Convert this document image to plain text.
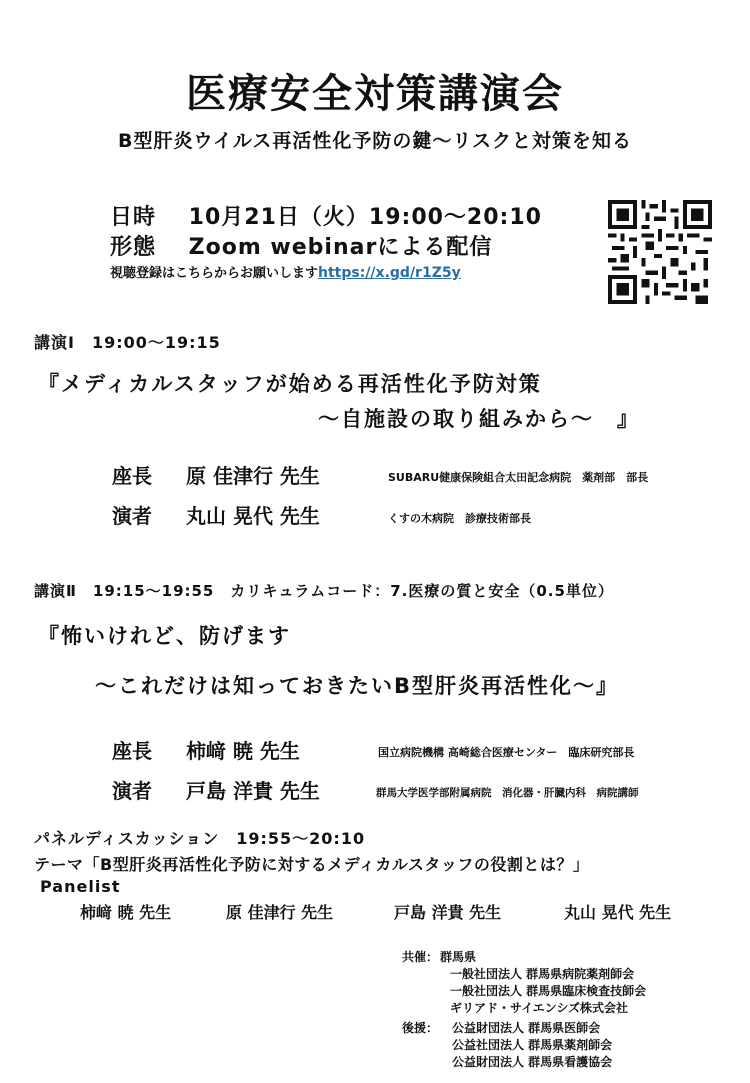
医療安全対策講演会
B型肝炎ウイルス再活性化予防の鍵～リスクと対策を知る
日時 10月21日（火）19:00～20:10
形態 Zoom webinarによる配信
視聴登録はこちらからお願いしますhttps://x.gd/r1Z5y
講演Ⅰ　19:00～19:15
『メディカルスタッフが始める再活性化予防対策
～自施設の取り組みから～　』
座長 原 佳津行 先生	SUBARU健康保険組合太田記念病院　薬剤部　部長
演者 丸山 晃代 先生	くすの木病院　診療技術部長
講演Ⅱ　19:15～19:55　カリキュラムコード：7.医療の質と安全（0.5単位）
『怖いけれど、防げます
～これだけは知っておきたいB型肝炎再活性化～』
座長 柿﨑 暁 先生	国立病院機構 高崎総合医療センター　臨床研究部長
演者 戸島 洋貴 先生	群馬大学医学部附属病院　消化器・肝臓内科　病院講師
パネルディスカッション　19:55～20:10
テーマ「B型肝炎再活性化予防に対するメディカルスタッフの役割とは？」
Panelist
柿﨑 暁 先生	原 佳津行 先生	戸島 洋貴 先生	丸山 晃代 先生
共催： 群馬県
一般社団法人 群馬県病院薬剤師会
一般社団法人 群馬県臨床検査技師会
ギリアド・サイエンシズ株式会社
後援： 公益財団法人 群馬県医師会
公益社団法人 群馬県薬剤師会
公益財団法人 群馬県看護協会
